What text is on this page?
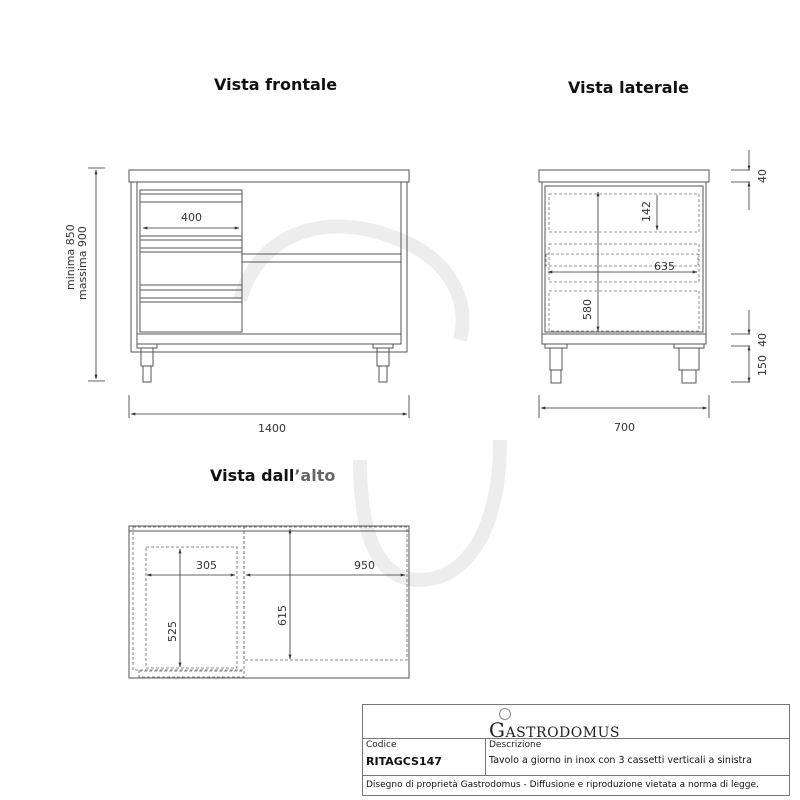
Vista frontale	Vista laterale
Vista dall’alto
minima 850 massima 900
400
1400
142
635
580
40
40
150
700
305	950
525
615
GASTRODOMUS
Codice
RITAGCS147
Descrizione
Tavolo a giorno in inox con 3 cassetti verticali a sinistra
Disegno di proprietà Gastrodomus - Diffusione e riproduzione vietata a norma di legge.
